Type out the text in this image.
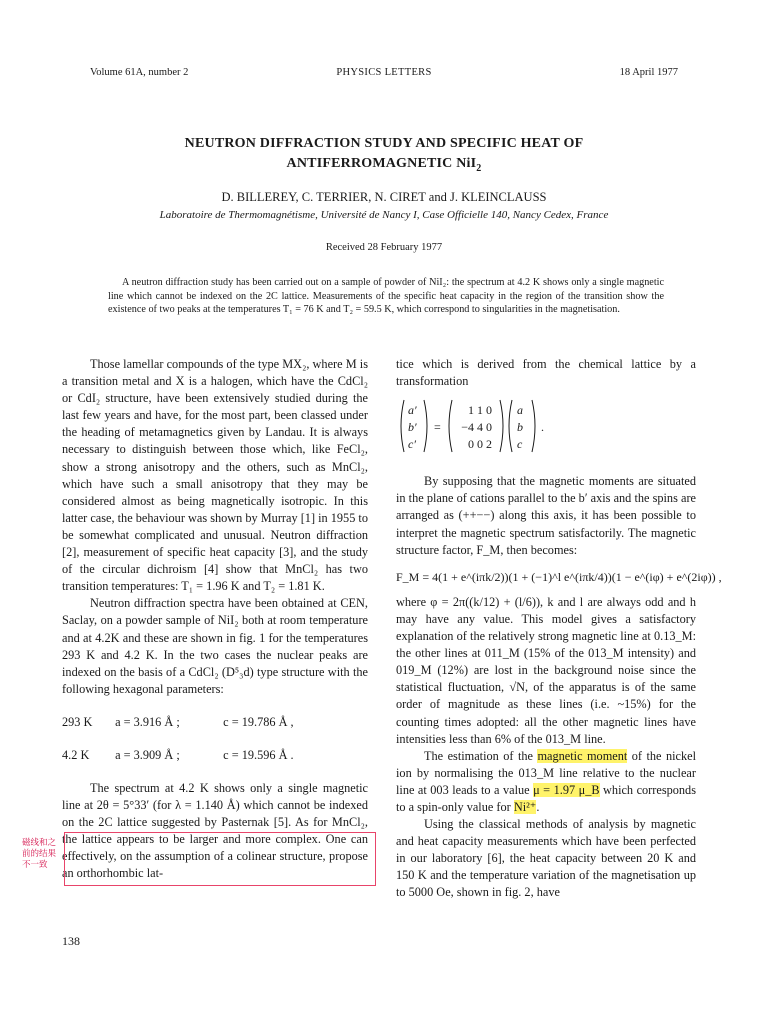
Volume 61A, number 2	PHYSICS LETTERS	18 April 1977
NEUTRON DIFFRACTION STUDY AND SPECIFIC HEAT OF
ANTIFERROMAGNETIC NiI$_2$
D. BILLEREY, C. TERRIER, N. CIRET and J. KLEINCLAUSS
Laboratoire de Thermomagnétisme, Université de Nancy I, Case Officielle 140, Nancy Cedex, France
Received 28 February 1977
A neutron diffraction study has been carried out on a sample of powder of NiI₂: the spectrum at 4.2 K shows only a single magnetic line which cannot be indexed on the 2C lattice. Measurements of the specific heat capacity in the region of the transition show the existence of two peaks at the temperatures T₁ = 76 K and T₂ = 59.5 K, which correspond to singularities in the magnetisation.

Those lamellar compounds of the type MX₂, where M is a transition metal and X is a halogen, which have the CdCl₂ or CdI₂ structure, have been extensively studied during the last few years and have, for the most part, been classed under the heading of metamagnetics given by Landau. It is always necessary to distinguish between those which, like FeCl₂, show a strong anisotropy and the others, such as MnCl₂, which have such a small anisotropy that they may be considered almost as being magnetically isotropic. In this latter case, the behaviour was shown by Murray [1] in 1955 to be somewhat complicated and unusual. Neutron diffraction [2], measurement of specific heat capacity [3], and the study of the circular dichroism [4] show that MnCl₂ has two transition temperatures: T₁ = 1.96 K and T₂ = 1.81 K.

Neutron diffraction spectra have been obtained at CEN, Saclay, on a powder sample of NiI₂ both at room temperature and at 4.2K and these are shown in fig. 1 for the temperatures 293 K and 4.2 K. In the two cases the nuclear peaks are indexed on the basis of a CdCl₂ (D⁵₃d) type structure with the following hexagonal parameters:

293 K a = 3.916 Å ;	c = 19.786 Å ,
4.2 K a = 3.909 Å ;	c = 19.596 Å .

The spectrum at 4.2 K shows only a single magnetic line at 2θ = 5°33′ (for λ = 1.140 Å) which cannot be indexed on the 2C lattice suggested by Pasternak [5]. As for MnCl₂, the lattice appears to be larger and more complex. One can effectively, on the assumption of a colinear structure, propose an orthorhombic lat-

tice which is derived from the chemical lattice by a transformation

a′
b′
c′
=
1 1 0
−4 4 0
0 0 2
a
b
c
.

By supposing that the magnetic moments are situated in the plane of cations parallel to the b′ axis and the spins are arranged as (++−−) along this axis, it has been possible to interpret the magnetic spectrum satisfactorily. The magnetic structure factor, F_M, then becomes:

F_M = 4(1 + e^(iπk/2))(1 + (−1)^l e^(iπk/4))(1 − e^(iφ) + e^(2iφ)) ,

where φ = 2π((k/12) + (l/6)), k and l are always odd and h may have any value. This model gives a satisfactory explanation of the relatively strong magnetic line at 0.13_M: the other lines at 011_M (15% of the 013_M intensity) and 019_M (12%) are lost in the background noise since the statistical fluctuation, √N, of the apparatus is of the same order of magnitude as these lines (i.e. ~15%) for the counting times adopted: all the other magnetic lines have intensities less than 6% of the 013_M line.

The estimation of the magnetic moment of the nickel ion by normalising the 013_M line relative to the nuclear line at 003 leads to a value μ = 1.97 μ_B which corresponds to a spin-only value for Ni²⁺.

Using the classical methods of analysis by magnetic and heat capacity measurements which have been perfected in our laboratory [6], the heat capacity between 20 K and 150 K and the temperature variation of the magnetisation up to 5000 Oe, shown in fig. 2, have

磁线和之前的结果不一致
138
